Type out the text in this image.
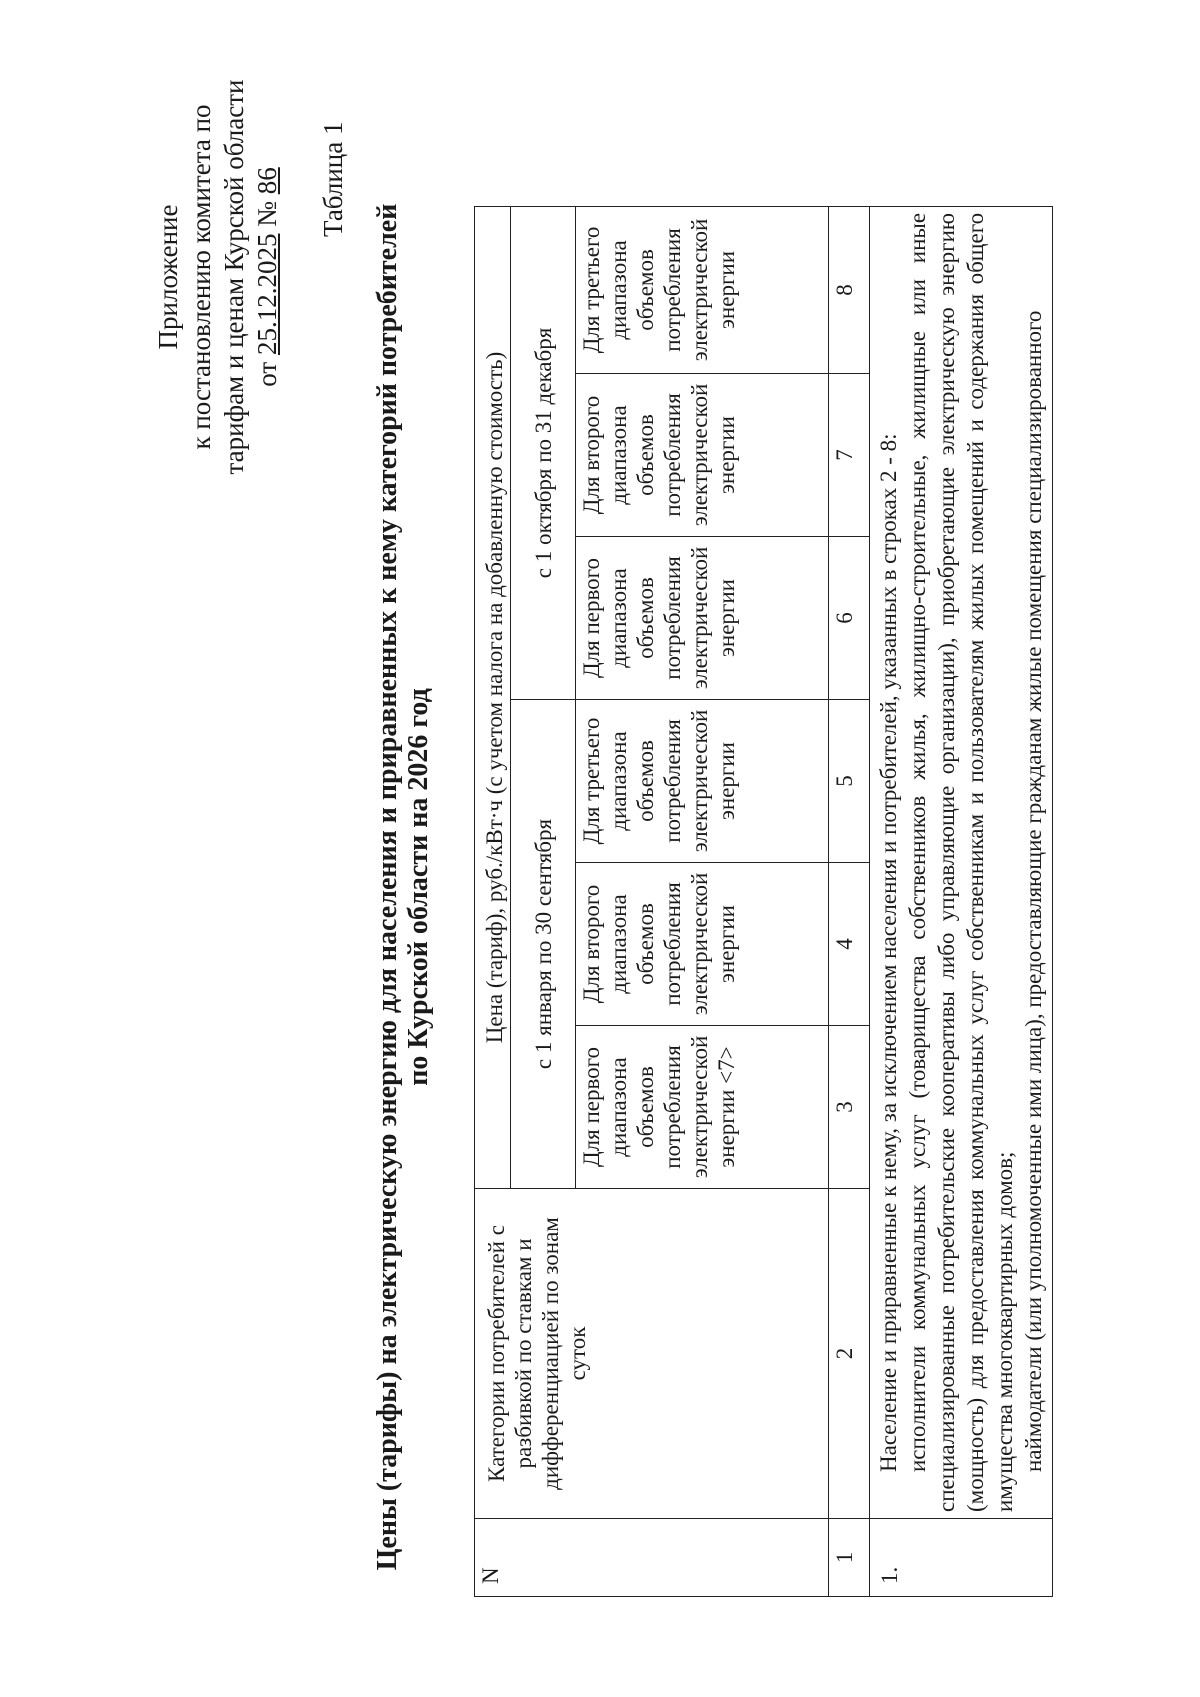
Приложение к постановлению комитета по тарифам и ценам Курской области от 25.12.2025 № 86 Таблица 1
Цены (тарифы) на электрическую энергию для населения и приравненных к нему категорий потребителей по Курской области на 2026 год
N	Категории потребителей с разбивкой по ставкам и дифференциацией по зонам суток	Цена (тариф), руб./кВт·ч (с учетом налога на добавленную стоимость)					
		с 1 января по 30 сентября			с 1 октября по 31 декабря		
		Для первого диапазона объемов потребления электрической энергии <7>	Для второго диапазона объемов потребления электрической энергии	Для третьего диапазона объемов потребления электрической энергии	Для первого диапазона объемов потребления электрической энергии	Для второго диапазона объемов потребления электрической энергии	Для третьего диапазона объемов потребления электрической энергии
1	2	3	4	5	6	7	8
1.	Население и приравненные к нему, за исключением населения и потребителей, указанных в строках 2 - 8: исполнители коммунальных услуг (товарищества собственников жилья, жилищно-строительные, жилищные или иные специализированные потребительские кооперативы либо управляющие организации), приобретающие электрическую энергию (мощность) для предоставления коммунальных услуг собственникам и пользователям жилых помещений и содержания общего имущества многоквартирных домов; наймодатели (или уполномоченные ими лица), предоставляющие гражданам жилые помещения специализированного						
